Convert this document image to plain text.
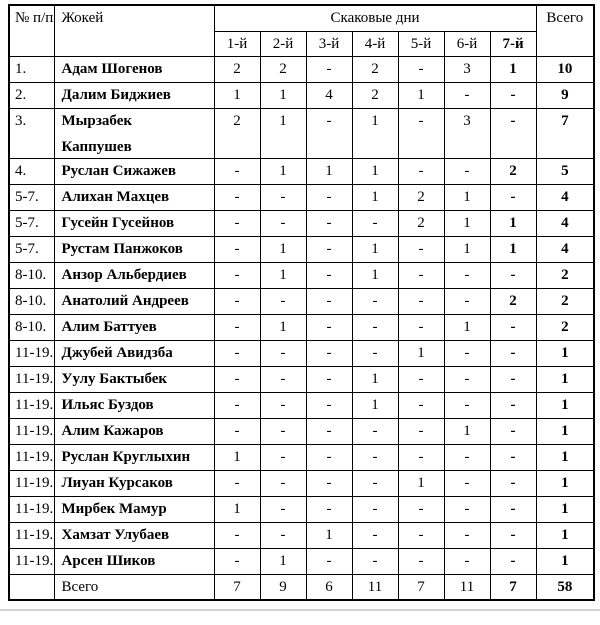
№ п/п	Жокей	Скаковые дни							Всего
		1-й	2-й	3-й	4-й	5-й	6-й	7-й	
1.	Адам Шогенов	2	2	-	2	-	3	1	10
2.	Далим Биджиев	1	1	4	2	1	-	-	9
3.	Мырзабек
Каппушев	2	1	-	1	-	3	-	7
4.	Руслан Сижажев	-	1	1	1	-	-	2	5
5-7.	Алихан Махцев	-	-	-	1	2	1	-	4
5-7.	Гусейн Гусейнов	-	-	-	-	2	1	1	4
5-7.	Рустам Панжоков	-	1	-	1	-	1	1	4
8-10.	Анзор Альбердиев	-	1	-	1	-	-	-	2
8-10.	Анатолий Андреев	-	-	-	-	-	-	2	2
8-10.	Алим Баттуев	-	1	-	-	-	1	-	2
11-19.	Джубей Авидзба	-	-	-	-	1	-	-	1
11-19.	Уулу Бактыбек	-	-	-	1	-	-	-	1
11-19.	Ильяс Буздов	-	-	-	1	-	-	-	1
11-19.	Алим Кажаров	-	-	-	-	-	1	-	1
11-19.	Руслан Круглыхин	1	-	-	-	-	-	-	1
11-19.	Лиуан Курсаков	-	-	-	-	1	-	-	1
11-19.	Мирбек Мамур	1	-	-	-	-	-	-	1
11-19.	Хамзат Улубаев	-	-	1	-	-	-	-	1
11-19.	Арсен Шиков	-	1	-	-	-	-	-	1
	Всего	7	9	6	11	7	11	7	58
